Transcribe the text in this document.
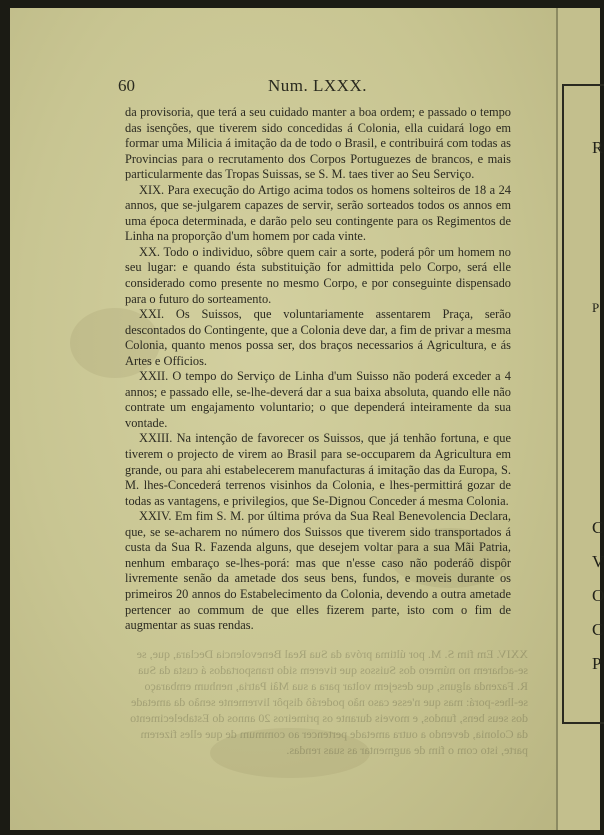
R
P
C
V
O
C
P
60	Num. LXXX.

da provisoria, que terá a seu cuidado manter a boa ordem; e passado o tempo das isenções, que tiverem sido concedidas á Colonia, ella cuidará logo em formar uma Milicia á imitação da de todo o Brasil, e contribuirá com todas as Provincias para o recrutamento dos Corpos Portuguezes de brancos, e mais particularmente das Tropas Suissas, se S. M. taes tiver ao Seu Serviço.

XIX. Para execução do Artigo acima todos os homens solteiros de 18 a 24 annos, que se-julgarem capazes de servir, serão sorteados todos os annos em uma época determinada, e darão pelo seu contingente para os Regimentos de Linha na proporção d'um homem por cada vinte.

XX. Todo o individuo, sôbre quem cair a sorte, poderá pôr um homem no seu lugar: e quando ésta substituição for admittida pelo Corpo, será elle considerado como presente no mesmo Corpo, e por conseguinte dispensado para o futuro do sorteamento.

XXI. Os Suissos, que voluntariamente assentarem Praça, serão descontados do Contingente, que a Colonia deve dar, a fim de privar a mesma Colonia, quanto menos possa ser, dos braços necessarios á Agricultura, e ás Artes e Officios.

XXII. O tempo do Serviço de Linha d'um Suisso não poderá exceder a 4 annos; e passado elle, se-lhe-deverá dar a sua baixa absoluta, quando elle não contrate um engajamento voluntario; o que dependerá inteiramente da sua vontade.

XXIII. Na intenção de favorecer os Suissos, que já tenhão fortuna, e que tiverem o projecto de virem ao Brasil para se-occuparem da Agricultura em grande, ou para ahi estabelecerem manufacturas á imitação das da Europa, S. M. lhes-Concederá terrenos visinhos da Colonia, e lhes-permittirá gozar de todas as vantagens, e privilegios, que Se-Dignou Conceder á mesma Colonia.

XXIV. Em fim S. M. por última próva da Sua Real Benevolencia Declara, que, se se-acharem no número dos Suissos que tiverem sido transportados á custa da Sua R. Fazenda alguns, que desejem voltar para a sua Mãi Patria, nenhum embaraço se-lhes-porá: mas que n'esse caso não poderáõ dispôr livremente senão da ametade dos seus bens, fundos, e moveis durante os primeiros 20 annos do Estabelecimento da Colonia, devendo a outra ametade pertencer ao commum de que elles fizerem parte, isto com o fim de augmentar as suas rendas.

XXIV. Em fim S. M. por última próva da Sua Real Benevolencia Declara, que, se se-acharem no número dos Suissos que tiverem sido transportados á custa da Sua R. Fazenda alguns, que desejem voltar para a sua Mãi Patria, nenhum embaraço se-lhes-porá: mas que n'esse caso não poderáõ dispôr livremente senão da ametade dos seus bens, fundos, e moveis durante os primeiros 20 annos do Estabelecimento da Colonia, devendo a outra ametade pertencer ao commum de que elles fizerem parte, isto com o fim de augmentar as suas rendas.
